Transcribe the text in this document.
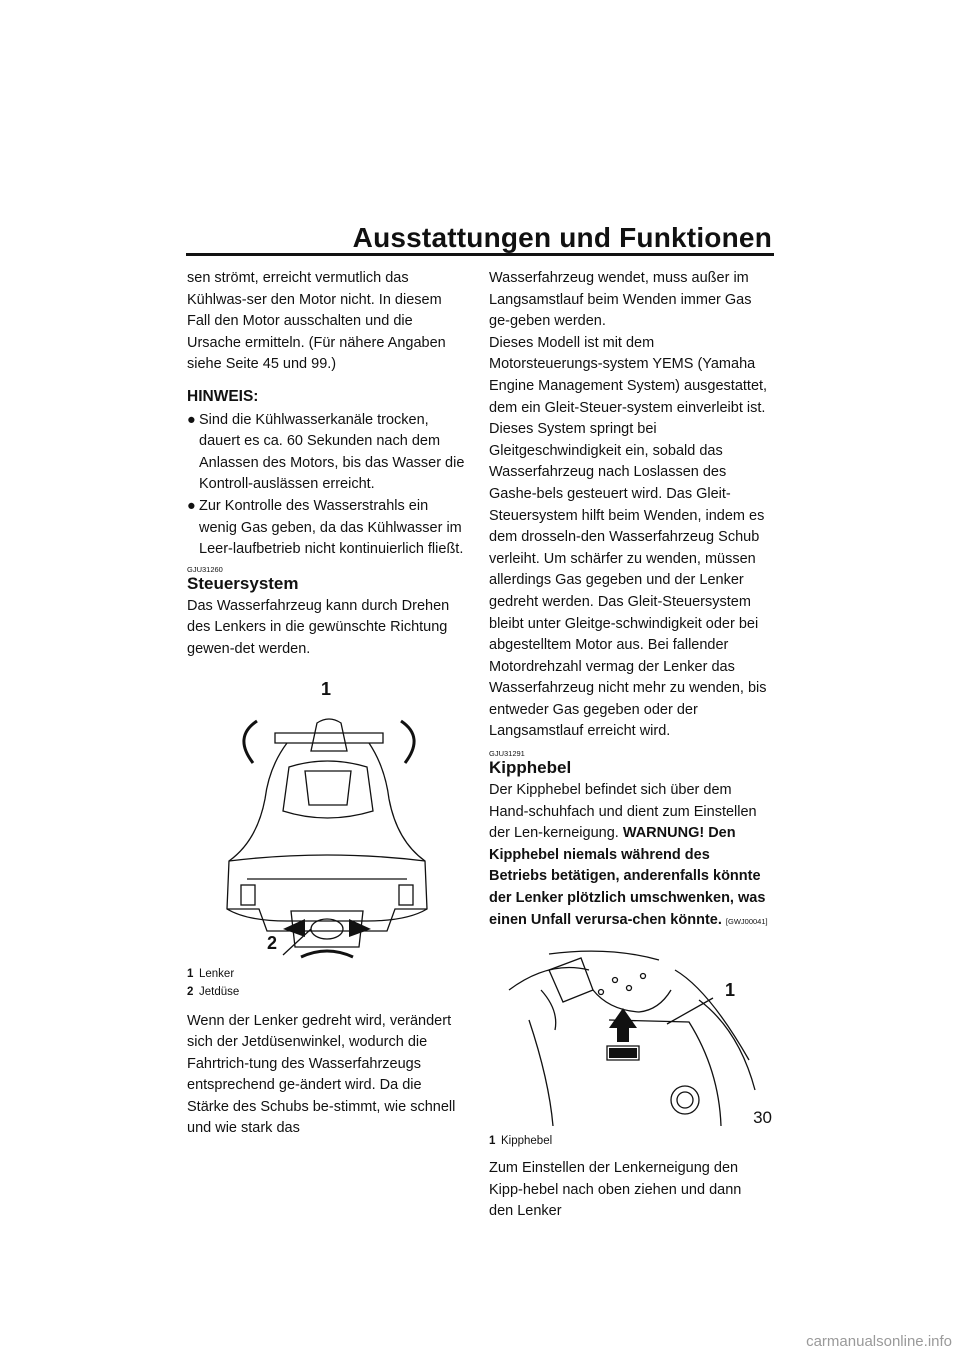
Ausstattungen und Funktionen

sen strömt, erreicht vermutlich das Kühlwas-ser den Motor nicht. In diesem Fall den Motor ausschalten und die Ursache ermitteln. (Für nähere Angaben siehe Seite 45 und 99.)

HINWEIS:
● Sind die Kühlwasserkanäle trocken, dauert es ca. 60 Sekunden nach dem Anlassen des Motors, bis das Wasser die Kontroll-auslässen erreicht.
● Zur Kontrolle des Wasserstrahls ein wenig Gas geben, da das Kühlwasser im Leer-laufbetrieb nicht kontinuierlich fließt.
GJU31260
Steuersystem

Das Wasserfahrzeug kann durch Drehen des Lenkers in die gewünschte Richtung gewen-det werden.

1
2
1 Lenker
2 Jetdüse

Wenn der Lenker gedreht wird, verändert sich der Jetdüsenwinkel, wodurch die Fahrtrich-tung des Wasserfahrzeugs entsprechend ge-ändert wird. Da die Stärke des Schubs be-stimmt, wie schnell und wie stark das

Wasserfahrzeug wendet, muss außer im Langsamstlauf beim Wenden immer Gas ge-geben werden.

Dieses Modell ist mit dem Motorsteuerungs-system YEMS (Yamaha Engine Management System) ausgestattet, dem ein Gleit-Steuer-system einverleibt ist. Dieses System springt bei Gleitgeschwindigkeit ein, sobald das Wasserfahrzeug nach Loslassen des Gashe-bels gesteuert wird. Das Gleit-Steuersystem hilft beim Wenden, indem es dem drosseln-den Wasserfahrzeug Schub verleiht. Um schärfer zu wenden, müssen allerdings Gas gegeben und der Lenker gedreht werden. Das Gleit-Steuersystem bleibt unter Gleitge-schwindigkeit oder bei abgestelltem Motor aus. Bei fallender Motordrehzahl vermag der Lenker das Wasserfahrzeug nicht mehr zu wenden, bis entweder Gas gegeben oder der Langsamstlauf erreicht wird.

GJU31291
Kipphebel

Der Kipphebel befindet sich über dem Hand-schuhfach und dient zum Einstellen der Len-kerneigung. WARNUNG! Den Kipphebel niemals während des Betriebs betätigen, anderenfalls könnte der Lenker plötzlich umschwenken, was einen Unfall verursa-chen könnte. [GWJ00041]

1
1 Kipphebel

Zum Einstellen der Lenkerneigung den Kipp-hebel nach oben ziehen und dann den Lenker

30
carmanualsonline.info
